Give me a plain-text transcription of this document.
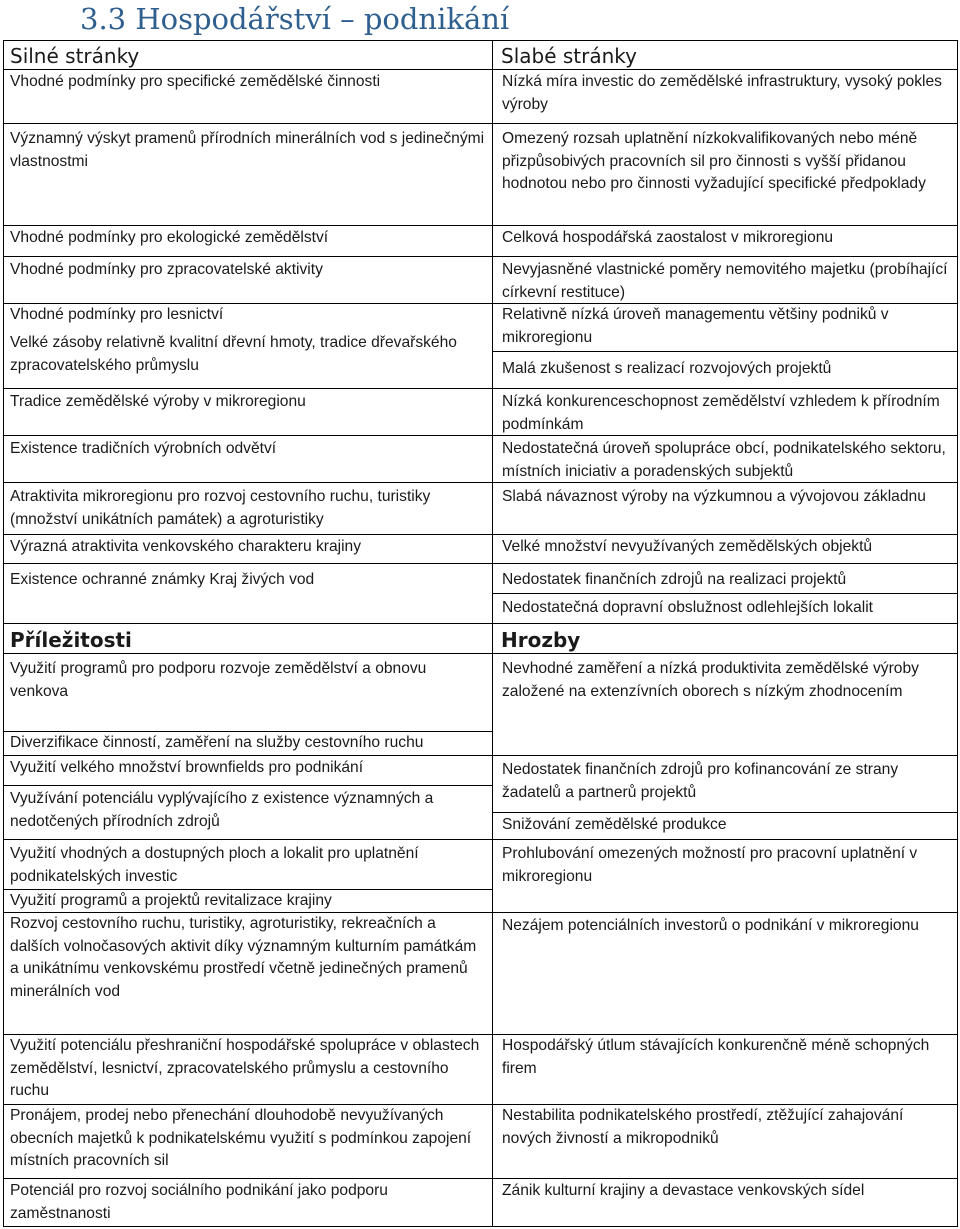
3.3 Hospodářství – podnikání
Silné stránky
Vhodné podmínky pro specifické zemědělské činnosti
Významný výskyt pramenů přírodních minerálních vod s jedinečnými vlastnostmi
Vhodné podmínky pro ekologické zemědělství
Vhodné podmínky pro zpracovatelské aktivity
Vhodné podmínky pro lesnictví
Velké zásoby relativně kvalitní dřevní hmoty, tradice dřevařského zpracovatelského průmyslu
Tradice zemědělské výroby v mikroregionu
Existence tradičních výrobních odvětví
Atraktivita mikroregionu pro rozvoj cestovního ruchu, turistiky (množství unikátních památek) a agroturistiky
Výrazná atraktivita venkovského charakteru krajiny
Existence ochranné známky Kraj živých vod
Příležitosti
Využití programů pro podporu rozvoje zemědělství a obnovu venkova
Diverzifikace činností, zaměření na služby cestovního ruchu
Využití velkého množství brownfields pro podnikání
Využívání potenciálu vyplývajícího z existence významných a nedotčených přírodních zdrojů
Využití vhodných a dostupných ploch a lokalit pro uplatnění podnikatelských investic
Využití programů a projektů revitalizace krajiny
Rozvoj cestovního ruchu, turistiky, agroturistiky, rekreačních a dalších volnočasových aktivit díky významným kulturním památkám a unikátnímu venkovskému prostředí včetně jedinečných pramenů minerálních vod
Využití potenciálu přeshraniční hospodářské spolupráce v oblastech zemědělství, lesnictví, zpracovatelského průmyslu a cestovního ruchu
Pronájem, prodej nebo přenechání dlouhodobě nevyužívaných obecních majetků k podnikatelskému využití s podmínkou zapojení místních pracovních sil
Potenciál pro rozvoj sociálního podnikání jako podporu zaměstnanosti
Slabé stránky
Nízká míra investic do zemědělské infrastruktury, vysoký pokles výroby
Omezený rozsah uplatnění nízkokvalifikovaných nebo méně přizpůsobivých pracovních sil pro činnosti s vyšší přidanou hodnotou nebo pro činnosti vyžadující specifické předpoklady
Celková hospodářská zaostalost v mikroregionu
Nevyjasněné vlastnické poměry nemovitého majetku (probíhající církevní restituce)
Relativně nízká úroveň managementu většiny podniků v mikroregionu
Malá zkušenost s realizací rozvojových projektů
Nízká konkurenceschopnost zemědělství vzhledem k přírodním podmínkám
Nedostatečná úroveň spolupráce obcí, podnikatelského sektoru, místních iniciativ a poradenských subjektů
Slabá návaznost výroby na výzkumnou a vývojovou základnu
Velké množství nevyužívaných zemědělských objektů
Nedostatek finančních zdrojů na realizaci projektů
Nedostatečná dopravní obslužnost odlehlejších lokalit
Hrozby
Nevhodné zaměření a nízká produktivita zemědělské výroby založené na extenzívních oborech s nízkým zhodnocením
Nedostatek finančních zdrojů pro kofinancování ze strany žadatelů a partnerů projektů
Snižování zemědělské produkce
Prohlubování omezených možností pro pracovní uplatnění v mikroregionu
Nezájem potenciálních investorů o podnikání v mikroregionu
Hospodářský útlum stávajících konkurenčně méně schopných firem
Nestabilita podnikatelského prostředí, ztěžující zahajování nových živností a mikropodniků
Zánik kulturní krajiny a devastace venkovských sídel
